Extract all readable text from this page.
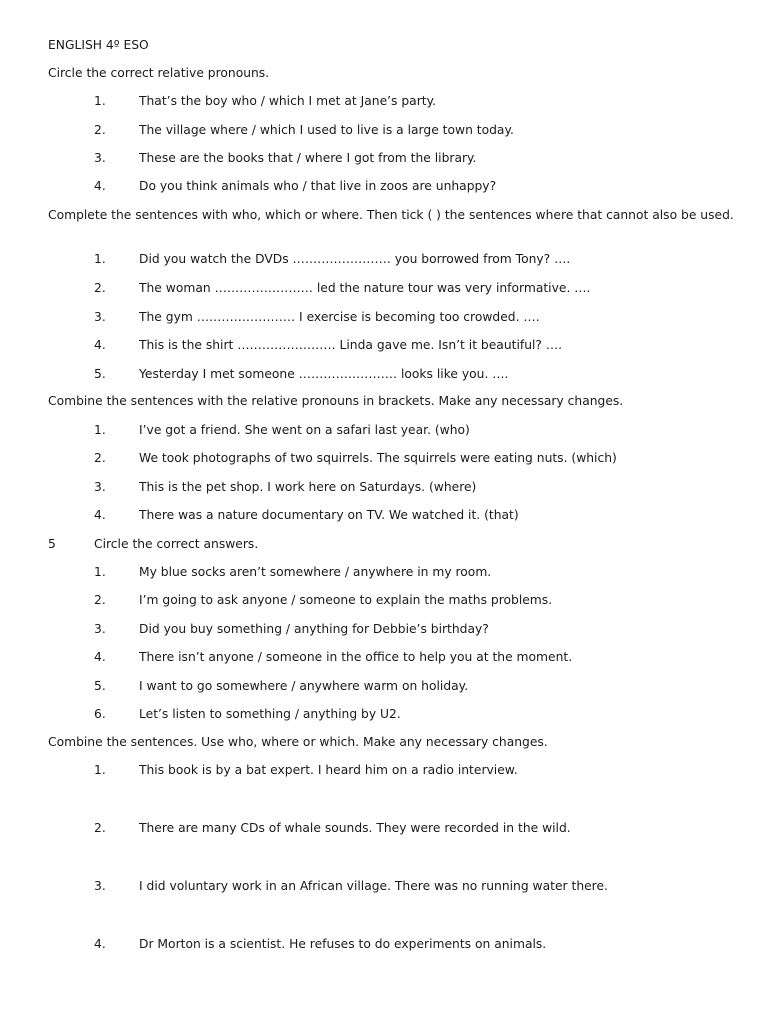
ENGLISH 4º ESO
Circle the correct relative pronouns.
1.	That’s the boy who / which I met at Jane’s party.
2.	The village where / which I used to live is a large town today.
3.	These are the books that / where I got from the library.
4.	Do you think animals who / that live in zoos are unhappy?
Complete the sentences with who, which or where. Then tick ( ) the sentences where that cannot also be used.
1.	Did you watch the DVDs …………………… you borrowed from Tony? ….
2.	The woman …………………… led the nature tour was very informative. ….
3.	The gym …………………… I exercise is becoming too crowded. ….
4.	This is the shirt …………………… Linda gave me. Isn’t it beautiful? ….
5.	Yesterday I met someone …………………… looks like you. ….
Combine the sentences with the relative pronouns in brackets. Make any necessary changes.
1.	I’ve got a friend. She went on a safari last year. (who)
2.	We took photographs of two squirrels. The squirrels were eating nuts. (which)
3.	This is the pet shop. I work here on Saturdays. (where)
4.	There was a nature documentary on TV. We watched it. (that)
5	Circle the correct answers.
1.	My blue socks aren’t somewhere / anywhere in my room.
2.	I’m going to ask anyone / someone to explain the maths problems.
3.	Did you buy something / anything for Debbie’s birthday?
4.	There isn’t anyone / someone in the office to help you at the moment.
5.	I want to go somewhere / anywhere warm on holiday.
6.	Let’s listen to something / anything by U2.
Combine the sentences. Use who, where or which. Make any necessary changes.
1.	This book is by a bat expert. I heard him on a radio interview.
2.	There are many CDs of whale sounds. They were recorded in the wild.
3.	I did voluntary work in an African village. There was no running water there.
4.	Dr Morton is a scientist. He refuses to do experiments on animals.
